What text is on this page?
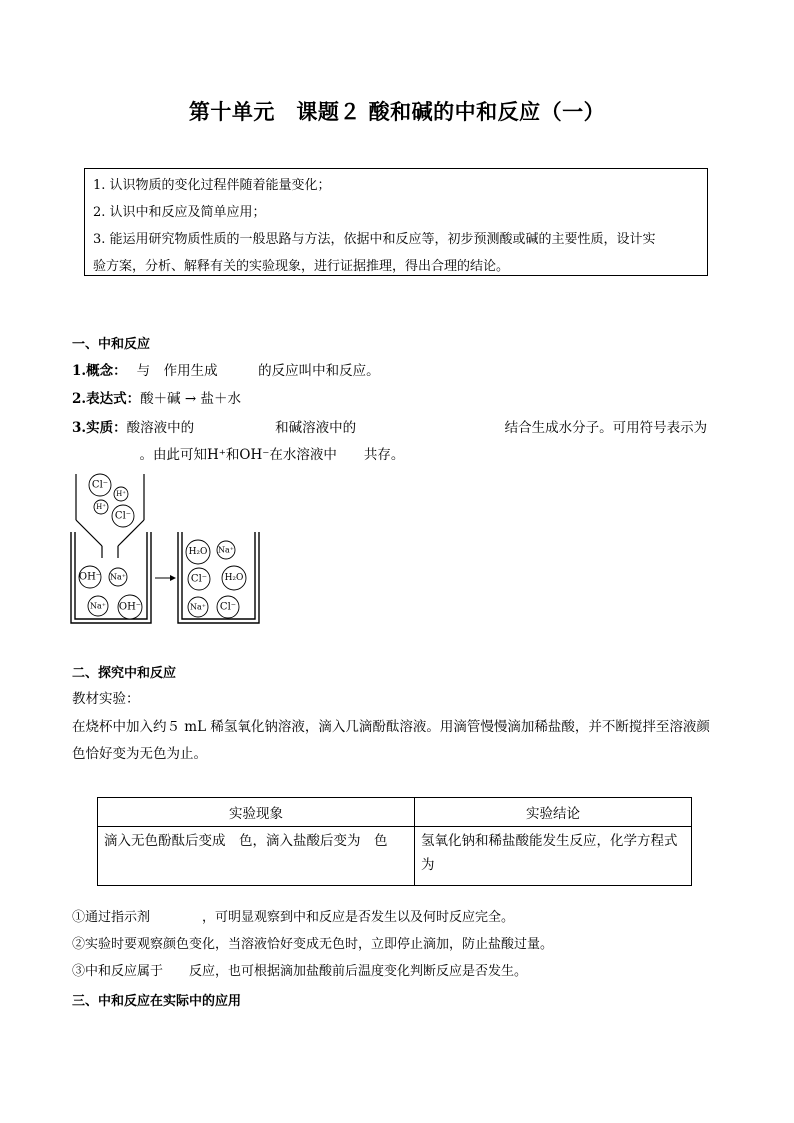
第十单元　课题２ 酸和碱的中和反应（一）
1. 认识物质的变化过程伴随着能量变化；
2. 认识中和反应及简单应用；
3. 能运用研究物质性质的一般思路与方法，依据中和反应等，初步预测酸或碱的主要性质，设计实
验方案，分析、解释有关的实验现象，进行证据推理，得出合理的结论。
一、中和反应
1.概念： 与　作用生成　　　的反应叫中和反应。
2.表达式：酸＋碱 → 盐＋水
3.实质：酸溶液中的　　　　　　和碱溶液中的　　　　　　　　　　　结合生成水分子。可用符号表示为
　　　　　。由此可知H⁺和OH⁻在水溶液中　　共存。
Cl⁻
H⁺
H⁺
Cl⁻
OH⁻ Na⁺
Na⁺ OH⁻
H₂O Na⁺
Cl⁻ H₂O
Na⁺ Cl⁻
二、探究中和反应
教材实验：
在烧杯中加入约５ mL 稀氢氧化钠溶液，滴入几滴酚酞溶液。用滴管慢慢滴加稀盐酸，并不断搅拌至溶液颜
色恰好变为无色为止。
实验现象	实验结论
滴入无色酚酞后变成　色，滴入盐酸后变为　色	氢氧化钠和稀盐酸能发生反应，化学方程式为
①通过指示剂　　　　，可明显观察到中和反应是否发生以及何时反应完全。
②实验时要观察颜色变化，当溶液恰好变成无色时，立即停止滴加，防止盐酸过量。
③中和反应属于　　反应，也可根据滴加盐酸前后温度变化判断反应是否发生。
三、中和反应在实际中的应用
